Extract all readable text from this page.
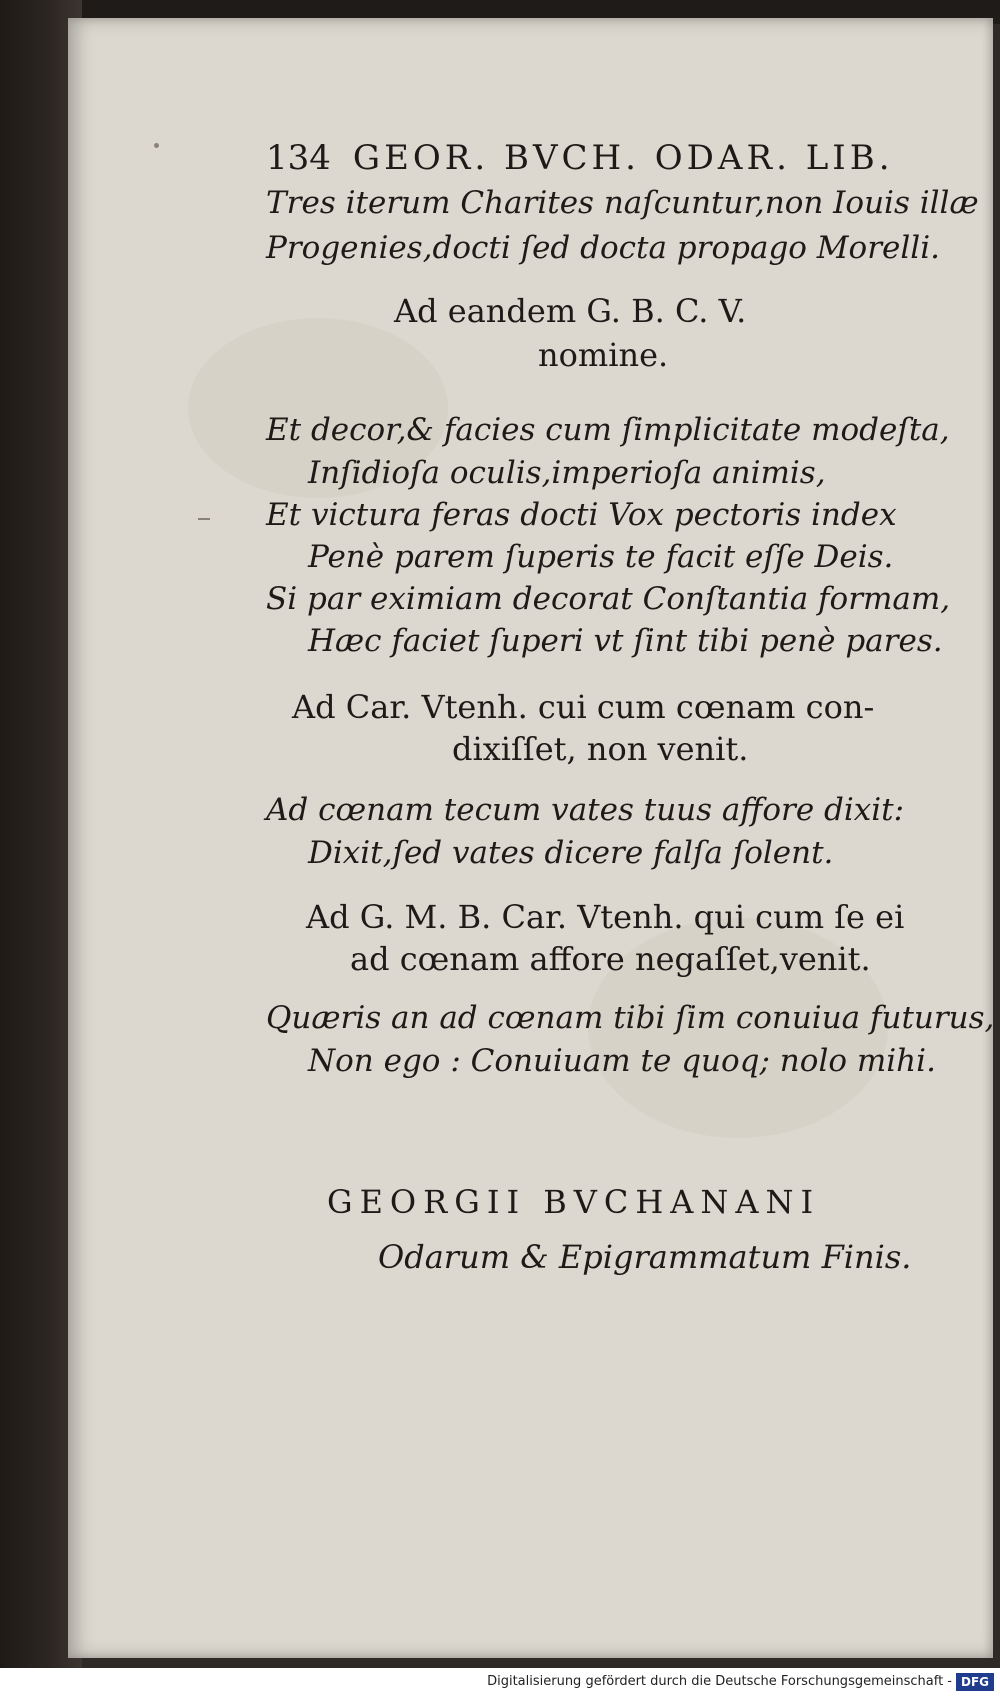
134 GEOR. BVCH. ODAR. LIB.
Tres iterum Charites naſcuntur,non Iouis illæ
Progenies,docti ſed docta propago Morelli.
Ad eandem G. B. C. V.
nomine.
Et decor,& facies cum ſimplicitate modeſta,
Inſidioſa oculis,imperioſa animis,
Et victura feras docti Vox pectoris index
Penè parem ſuperis te facit eſſe Deis.
Si par eximiam decorat Conſtantia formam,
Hæc faciet ſuperi vt ſint tibi penè pares.
Ad Car. Vtenh. cui cum cœnam con-
dixiſſet, non venit.
Ad cœnam tecum vates tuus affore dixit:
Dixit,ſed vates dicere falſa ſolent.
Ad G. M. B. Car. Vtenh. qui cum ſe ei
ad cœnam affore negaſſet,venit.
Quæris an ad cœnam tibi ſim conuiua futurus,
Non ego : Conuiuam te quoq; nolo mihi.
GEORGII BVCHANANI
Odarum & Epigrammatum Finis.
Digitalisierung gefördert durch die Deutsche Forschungsgemeinschaft - DFG
